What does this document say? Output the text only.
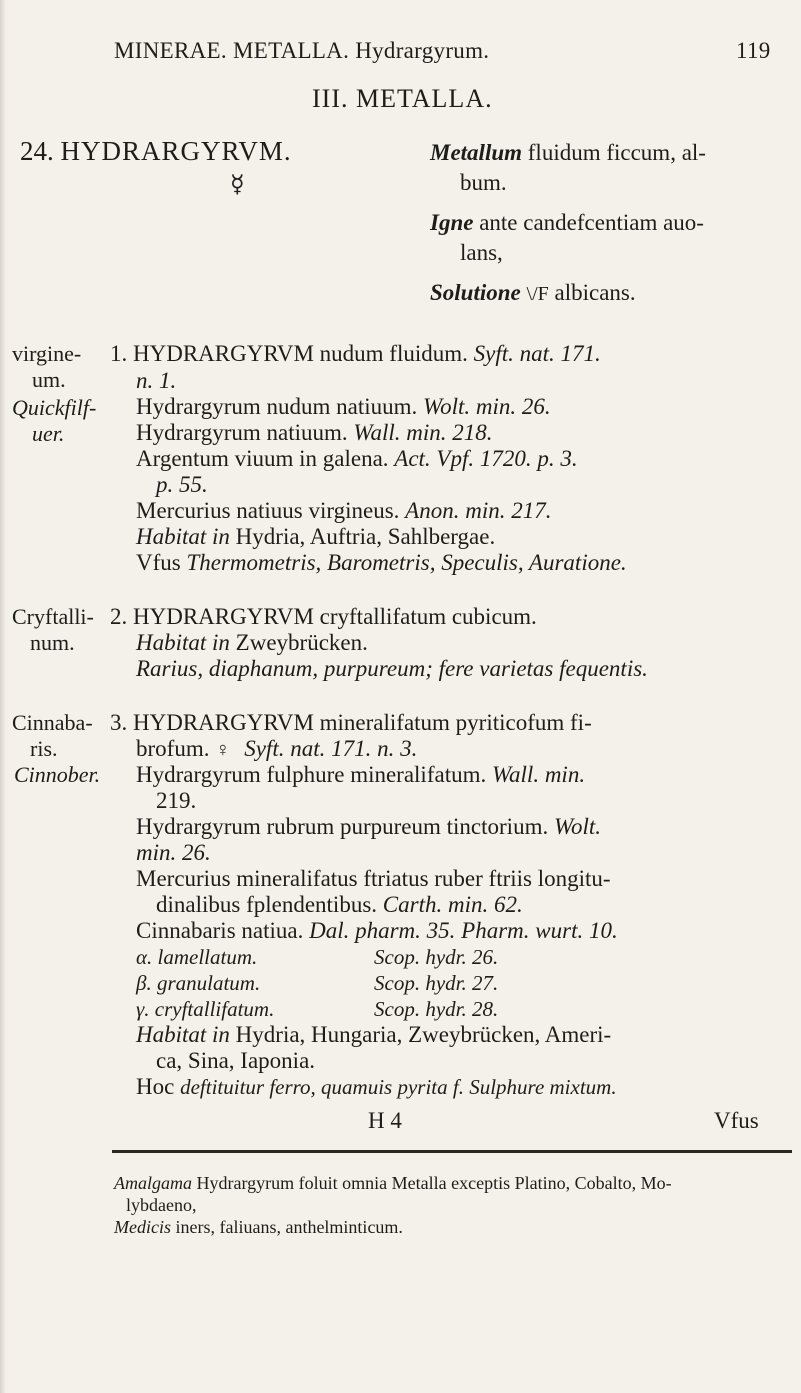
MINERAE. METALLA. Hydrargyrum.	119
III. METALLA.
24. HYDRARGYRVM.	Metallum fluidum ficcum, al-
☿	bum.
Igne ante candefcentiam auo-
lans,
Solutione \/F albicans.
virgine-
um.
Quickfilf-
uer.
1. HYDRARGYRVM nudum fluidum. Syft. nat. 171.
n. 1.
Hydrargyrum nudum natiuum. Wolt. min. 26.
Hydrargyrum natiuum. Wall. min. 218.
Argentum viuum in galena. Act. Vpf. 1720. p. 3.
p. 55.
Mercurius natiuus virgineus. Anon. min. 217.
Habitat in Hydria, Auftria, Sahlbergae.
Vfus Thermometris, Barometris, Speculis, Auratione.
Cryftalli-
num.
2. HYDRARGYRVM cryftallifatum cubicum.
Habitat in Zweybrücken.
Rarius, diaphanum, purpureum; fere varietas fequentis.
Cinnaba-
ris.
Cinnober.
3. HYDRARGYRVM mineralifatum pyriticofum fi-
brofum. ♀ Syft. nat. 171. n. 3.
Hydrargyrum fulphure mineralifatum. Wall. min.
219.
Hydrargyrum rubrum purpureum tinctorium. Wolt.
min. 26.
Mercurius mineralifatus ftriatus ruber ftriis longitu-
dinalibus fplendentibus. Carth. min. 62.
Cinnabaris natiua. Dal. pharm. 35. Pharm. wurt. 10.
α. lamellatum.	Scop. hydr. 26.
β. granulatum.	Scop. hydr. 27.
γ. cryftallifatum.	Scop. hydr. 28.
Habitat in Hydria, Hungaria, Zweybrücken, Ameri-
ca, Sina, Iaponia.
Hoc deftituitur ferro, quamuis pyrita f. Sulphure mixtum.
H 4	Vfus
Amalgama Hydrargyrum foluit omnia Metalla exceptis Platino, Cobalto, Mo-
lybdaeno,
Medicis iners, faliuans, anthelminticum.
